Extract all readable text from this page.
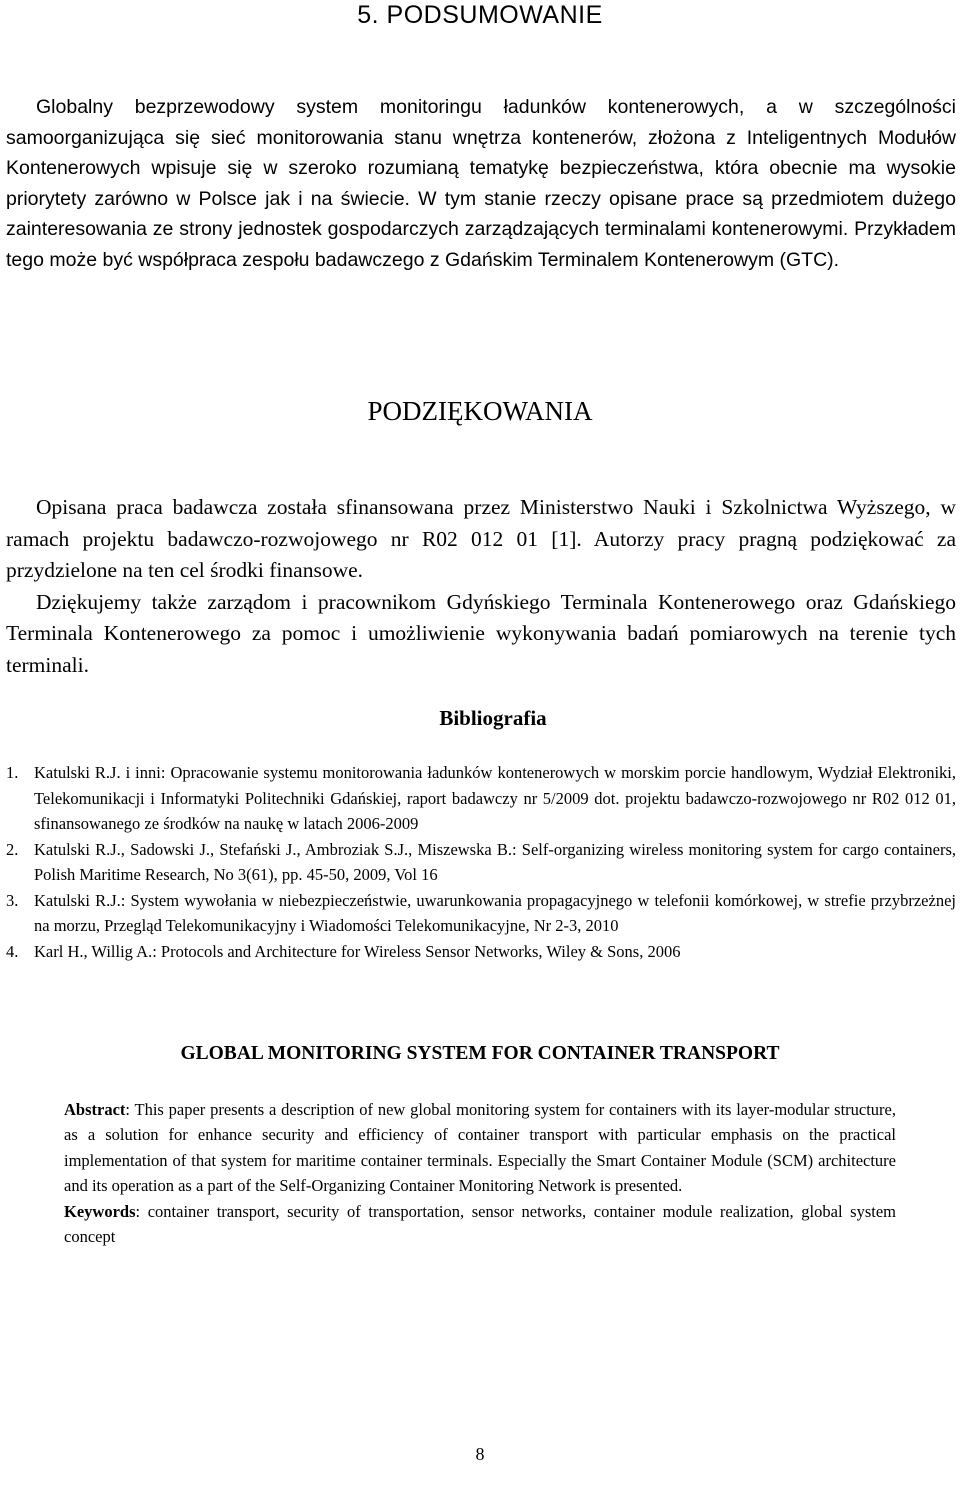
5. PODSUMOWANIE

Globalny bezprzewodowy system monitoringu ładunków kontenerowych, a w szczególności samoorganizująca się sieć monitorowania stanu wnętrza kontenerów, złożona z Inteligentnych Modułów Kontenerowych wpisuje się w szeroko rozumianą tematykę bezpieczeństwa, która obecnie ma wysokie priorytety zarówno w Polsce jak i na świecie. W tym stanie rzeczy opisane prace są przedmiotem dużego zainteresowania ze strony jednostek gospodarczych zarządzających terminalami kontenerowymi. Przykładem tego może być współpraca zespołu badawczego z Gdańskim Terminalem Kontenerowym (GTC).

PODZIĘKOWANIA

Opisana praca badawcza została sfinansowana przez Ministerstwo Nauki i Szkolnictwa Wyższego, w ramach projektu badawczo-rozwojowego nr R02 012 01 [1]. Autorzy pracy pragną podziękować za przydzielone na ten cel środki finansowe.

Dziękujemy także zarządom i pracownikom Gdyńskiego Terminala Kontenerowego oraz Gdańskiego Terminala Kontenerowego za pomoc i umożliwienie wykonywania badań pomiarowych na terenie tych terminali.

Bibliografia
1. Katulski R.J. i inni: Opracowanie systemu monitorowania ładunków kontenerowych w morskim porcie handlowym, Wydział Elektroniki, Telekomunikacji i Informatyki Politechniki Gdańskiej, raport badawczy nr 5/2009 dot. projektu badawczo-rozwojowego nr R02 012 01, sfinansowanego ze środków na naukę w latach 2006-2009
2. Katulski R.J., Sadowski J., Stefański J., Ambroziak S.J., Miszewska B.: Self-organizing wireless monitoring system for cargo containers, Polish Maritime Research, No 3(61), pp. 45-50, 2009, Vol 16
3. Katulski R.J.: System wywołania w niebezpieczeństwie, uwarunkowania propagacyjnego w telefonii komórkowej, w strefie przybrzeżnej na morzu, Przegląd Telekomunikacyjny i Wiadomości Telekomunikacyjne, Nr 2-3, 2010
4. Karl H., Willig A.: Protocols and Architecture for Wireless Sensor Networks, Wiley & Sons, 2006
GLOBAL MONITORING SYSTEM FOR CONTAINER TRANSPORT

Abstract: This paper presents a description of new global monitoring system for containers with its layer-modular structure, as a solution for enhance security and efficiency of container transport with particular emphasis on the practical implementation of that system for maritime container terminals. Especially the Smart Container Module (SCM) architecture and its operation as a part of the Self-Organizing Container Monitoring Network is presented.

Keywords: container transport, security of transportation, sensor networks, container module realization, global system concept

8
